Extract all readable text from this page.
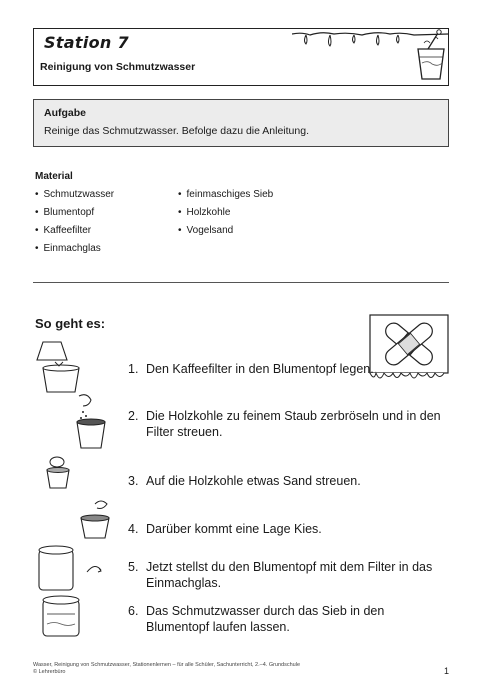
Station 7
Reinigung von Schmutzwasser
Aufgabe
Reinige das Schmutzwasser. Befolge dazu die Anleitung.
Material
• Schmutzwasser
• Blumentopf
• Kaffeefilter
• Einmachglas
• feinmaschiges Sieb
• Holzkohle
• Vogelsand
So geht es:
1. Den Kaffeefilter in den Blumentopf legen.
2. Die Holzkohle zu feinem Staub zerbröseln und in den Filter streuen.
3. Auf die Holzkohle etwas Sand streuen.
4. Darüber kommt eine Lage Kies.
5. Jetzt stellst du den Blumentopf mit dem Filter in das Einmachglas.
6. Das Schmutzwasser durch das Sieb in den Blumentopf laufen lassen.
Wasser, Reinigung von Schmutzwasser, Stationenlernen – für alle Schüler, Sachunterricht, 2.–4. Grundschule
© Lehrerbüro	1
